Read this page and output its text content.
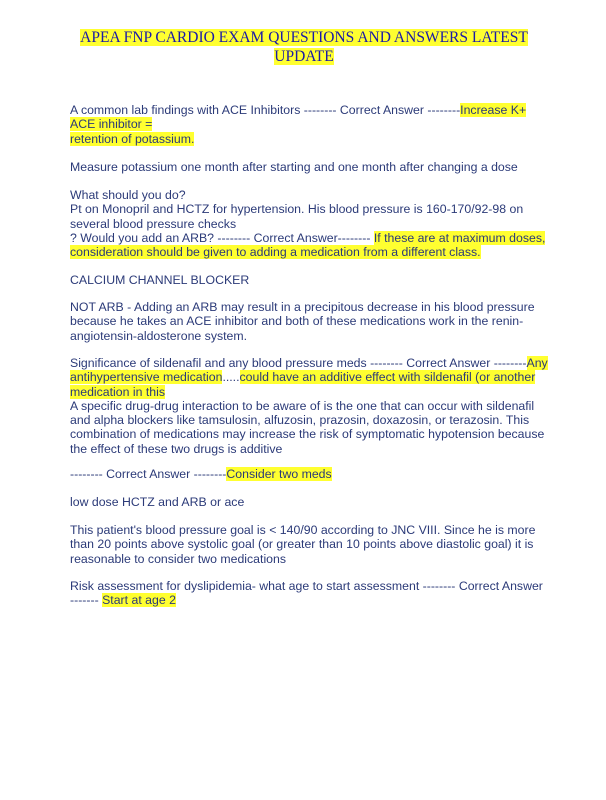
APEA FNP CARDIO EXAM QUESTIONS AND ANSWERS LATEST
UPDATE
A common lab findings with ACE Inhibitors -------- Correct Answer --------Increase K+
ACE inhibitor =
retention of potassium.
Measure potassium one month after starting and one month after changing a dose
What should you do?
Pt on Monopril and HCTZ for hypertension. His blood pressure is 160-170/92-98 on
several blood pressure checks
? Would you add an ARB? -------- Correct Answer-------- If these are at maximum doses,
consideration should be given to adding a medication from a different class.
CALCIUM CHANNEL BLOCKER
NOT ARB - Adding an ARB may result in a precipitous decrease in his blood pressure
because he takes an ACE inhibitor and both of these medications work in the renin-
angiotensin-aldosterone system.
Significance of sildenafil and any blood pressure meds -------- Correct Answer --------Any
antihypertensive medication.....could have an additive effect with sildenafil (or another
medication in this
A specific drug-drug interaction to be aware of is the one that can occur with sildenafil
and alpha blockers like tamsulosin, alfuzosin, prazosin, doxazosin, or terazosin. This
combination of medications may increase the risk of symptomatic hypotension because
the effect of these two drugs is additive
-------- Correct Answer --------Consider two meds
low dose HCTZ and ARB or ace
This patient's blood pressure goal is < 140/90 according to JNC VIII. Since he is more
than 20 points above systolic goal (or greater than 10 points above diastolic goal) it is
reasonable to consider two medications
Risk assessment for dyslipidemia- what age to start assessment -------- Correct Answer
------- Start at age 2
